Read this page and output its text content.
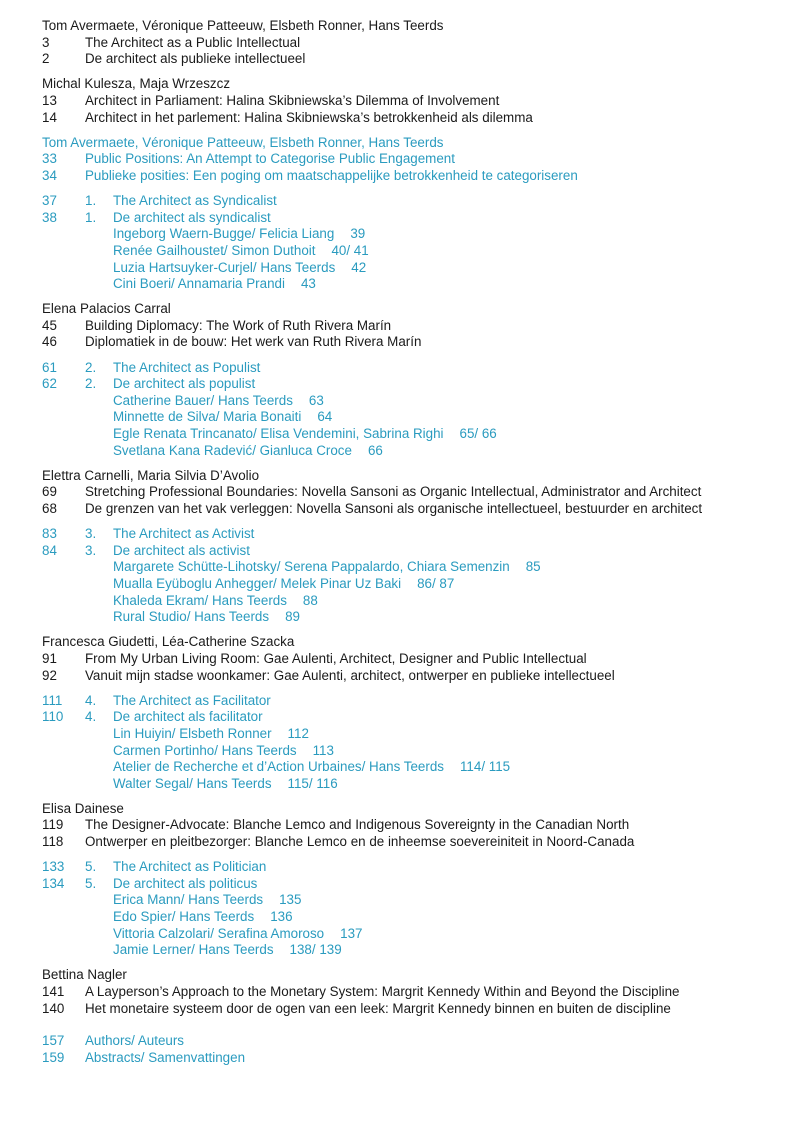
Tom Avermaete, Véronique Patteeuw, Elsbeth Ronner, Hans Teerds
3	The Architect as a Public Intellectual
2	De architect als publieke intellectueel
Michal Kulesza, Maja Wrzeszcz
13 Architect in Parliament: Halina Skibniewska’s Dilemma of Involvement
14 Architect in het parlement: Halina Skibniewska’s betrokkenheid als dilemma
Tom Avermaete, Véronique Patteeuw, Elsbeth Ronner, Hans Teerds
33 Public Positions: An Attempt to Categorise Public Engagement
34 Publieke posities: Een poging om maatschappelijke betrokkenheid te categoriseren
37 1. The Architect as Syndicalist
38 1. De architect als syndicalist
Ingeborg Waern-Bugge/ Felicia Liang 39
Renée Gailhoustet/ Simon Duthoit 40/ 41
Luzia Hartsuyker-Curjel/ Hans Teerds 42
Cini Boeri/ Annamaria Prandi 43
Elena Palacios Carral
45 Building Diplomacy: The Work of Ruth Rivera Marín
46 Diplomatiek in de bouw: Het werk van Ruth Rivera Marín
61 2. The Architect as Populist
62 2. De architect als populist
Catherine Bauer/ Hans Teerds 63
Minnette de Silva/ Maria Bonaiti 64
Egle Renata Trincanato/ Elisa Vendemini, Sabrina Righi 65/ 66
Svetlana Kana Radević/ Gianluca Croce 66
Elettra Carnelli, Maria Silvia D’Avolio
69 Stretching Professional Boundaries: Novella Sansoni as Organic Intellectual, Administrator and Architect
68 De grenzen van het vak verleggen: Novella Sansoni als organische intellectueel, bestuurder en architect
83 3. The Architect as Activist
84 3. De architect als activist
Margarete Schütte-Lihotsky/ Serena Pappalardo, Chiara Semenzin 85
Mualla Eyüboglu Anhegger/ Melek Pinar Uz Baki 86/ 87
Khaleda Ekram/ Hans Teerds 88
Rural Studio/ Hans Teerds 89
Francesca Giudetti, Léa-Catherine Szacka
91 From My Urban Living Room: Gae Aulenti, Architect, Designer and Public Intellectual
92 Vanuit mijn stadse woonkamer: Gae Aulenti, architect, ontwerper en publieke intellectueel
111 4. The Architect as Facilitator
110 4. De architect als facilitator
Lin Huiyin/ Elsbeth Ronner 112
Carmen Portinho/ Hans Teerds 113
Atelier de Recherche et d’Action Urbaines/ Hans Teerds 114/ 115
Walter Segal/ Hans Teerds 115/ 116
Elisa Dainese
119 The Designer-Advocate: Blanche Lemco and Indigenous Sovereignty in the Canadian North
118 Ontwerper en pleitbezorger: Blanche Lemco en de inheemse soevereiniteit in Noord-Canada
133 5. The Architect as Politician
134 5. De architect als politicus
Erica Mann/ Hans Teerds 135
Edo Spier/ Hans Teerds 136
Vittoria Calzolari/ Serafina Amoroso 137
Jamie Lerner/ Hans Teerds 138/ 139
Bettina Nagler
141 A Layperson’s Approach to the Monetary System: Margrit Kennedy Within and Beyond the Discipline
140 Het monetaire systeem door de ogen van een leek: Margrit Kennedy binnen en buiten de discipline
157 Authors/ Auteurs
159 Abstracts/ Samenvattingen
